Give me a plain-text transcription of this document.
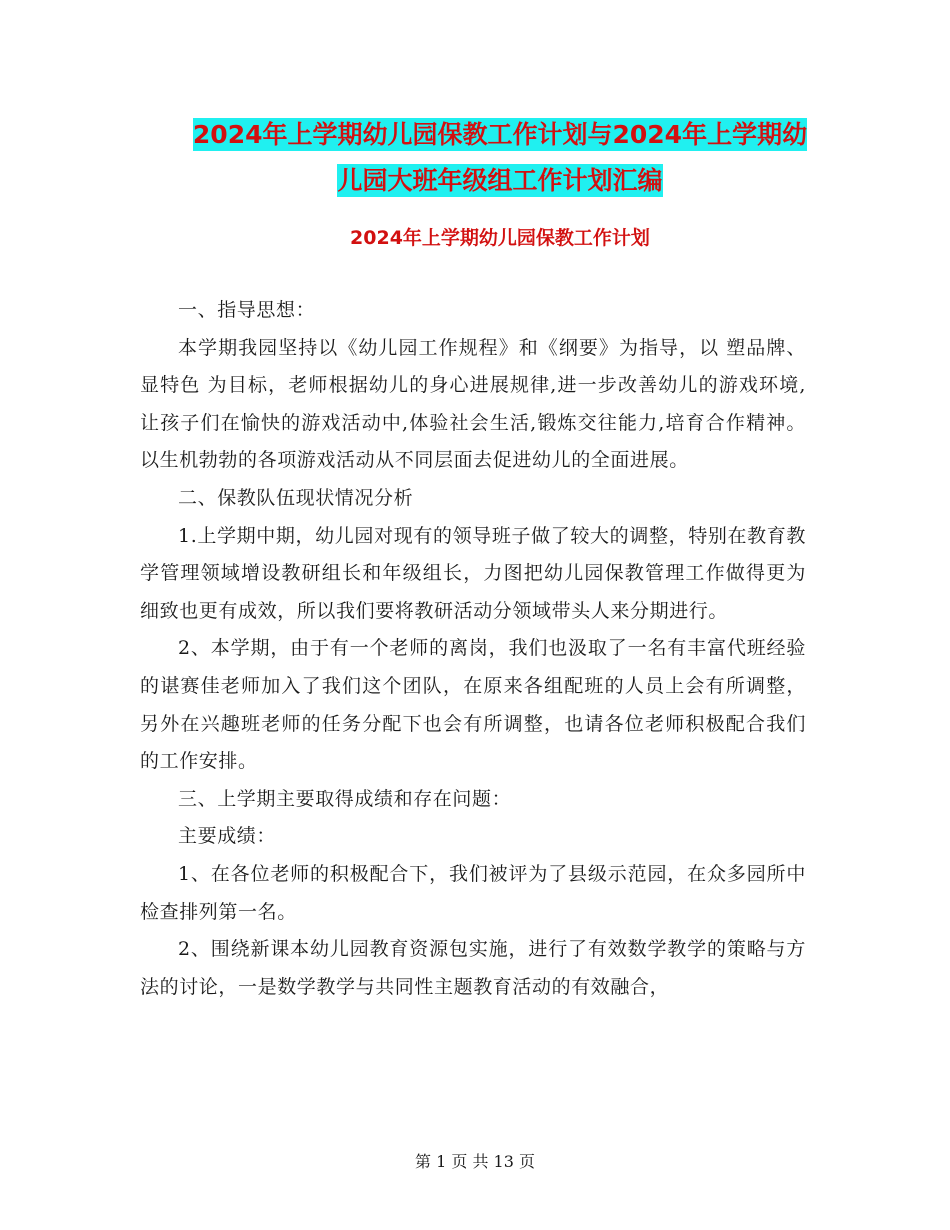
2024年上学期幼儿园保教工作计划与2024年上学期幼
儿园大班年级组工作计划汇编
2024年上学期幼儿园保教工作计划

一、指导思想：

本学期我园坚持以《幼儿园工作规程》和《纲要》为指导，以 塑品牌、显特色 为目标，老师根据幼儿的身心进展规律,进一步改善幼儿的游戏环境,让孩子们在愉快的游戏活动中,体验社会生活,锻炼交往能力,培育合作精神。以生机勃勃的各项游戏活动从不同层面去促进幼儿的全面进展。

二、保教队伍现状情况分析

1.上学期中期，幼儿园对现有的领导班子做了较大的调整，特别在教育教学管理领域增设教研组长和年级组长，力图把幼儿园保教管理工作做得更为细致也更有成效，所以我们要将教研活动分领域带头人来分期进行。

2、本学期，由于有一个老师的离岗，我们也汲取了一名有丰富代班经验的谌赛佳老师加入了我们这个团队，在原来各组配班的人员上会有所调整，另外在兴趣班老师的任务分配下也会有所调整，也请各位老师积极配合我们的工作安排。

三、上学期主要取得成绩和存在问题：

主要成绩：

1、在各位老师的积极配合下，我们被评为了县级示范园，在众多园所中检查排列第一名。

2、围绕新课本幼儿园教育资源包实施，进行了有效数学教学的策略与方法的讨论，一是数学教学与共同性主题教育活动的有效融合，

第 1 页 共 13 页
